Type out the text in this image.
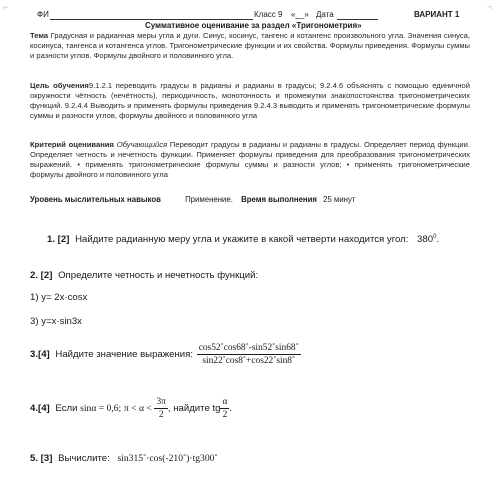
⌐	¬
ФИ	Класс 9 «__» Дата	ВАРИАНТ 1
Суммативное оценивание за раздел «Тригонометрия»
Тема Градусная и радианная меры угла и дуги. Синус, косинус, тангенс и котангенс произвольного угла. Значения синуса, косинуса, тангенса и котангенса углов. Тригонометрические функции и их свойства. Формулы приведения. Формулы суммы и разности углов. Формулы двойного и половинного угла.
Цель обучения9.1.2.1 переводить градусы в радианы и радианы в градусы; 9.2.4.6 объяснять с помощью единичной окружности чётность (нечётность), периодичность, монотонность и промежутки знакопостоянства тригонометрических функций. 9.2.4.4 Выводить и применять формулы приведения 9.2.4.3 выводить и применять тригонометрические формулы суммы и разности углов, формулы двойного и половинного угла
Критерий оценивания Обучающийся Переводит градусы в радианы и радианы в градусы. Определяет период функции. Определяет четность и нечетность функции. Применяет формулы приведения для преобразования тригонометрических выражений. • применять тригонометрические формулы суммы и разности углов; • применять тригонометрические формулы двойного и половинного угла
Уровень мыслительных навыков	Применение. Время выполнения 25 минут
1. [2] Найдите радианную меру угла и укажите в какой четверти находится угол: $380^0$.
2. [2] Определите четность и нечетность функций:
1) y= 2x·cosx
3) y=x·sin3x
3.[4] Найдите значение выражения: $\frac{\cos 52˚\cos 68˚-\sin 52˚\sin 68˚}{\sin 22˚\cos 8˚+\cos 22˚\sin 8˚}$
4.[4] Если sinα = 0,6; $\pi < \alpha < \frac{3\pi}{2}$ , найдите tg $\frac{\alpha}{2}$ .
5. [3] Вычислите: sin315˚·cos(-210˚)·tg300˚
